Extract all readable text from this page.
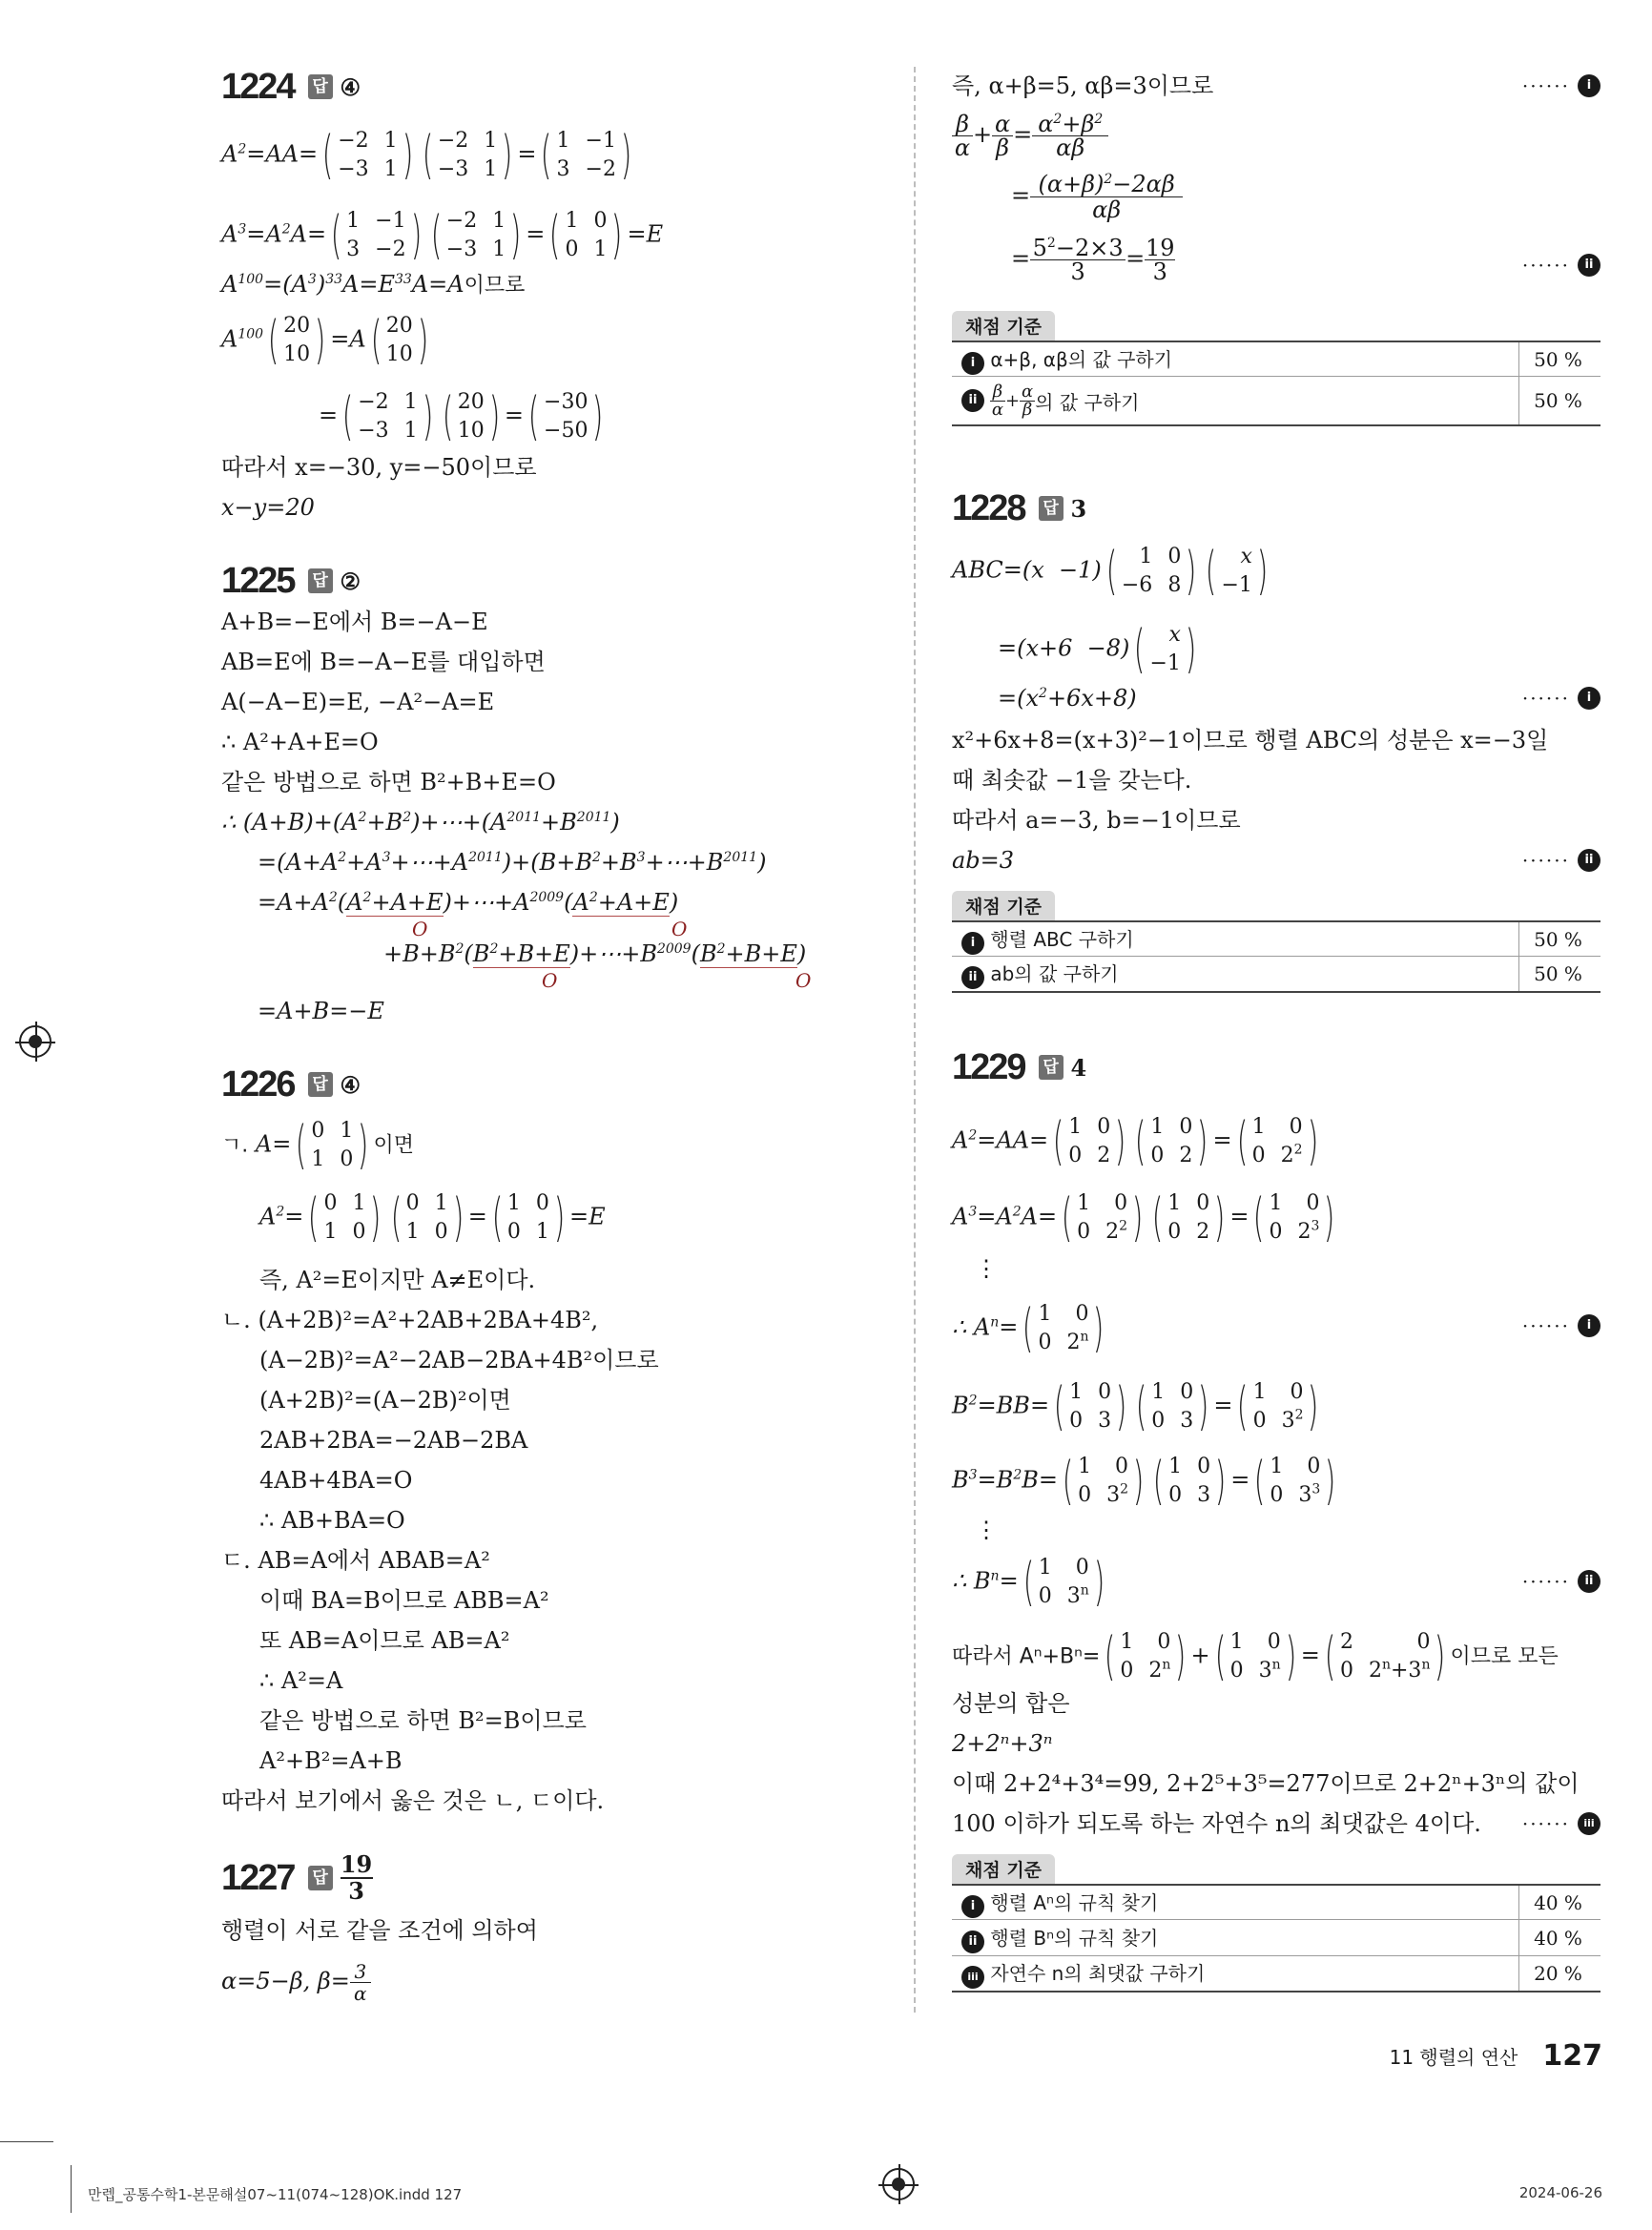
1224 답 ④
$A^2=AA=$ ( −2 1
−3 1 ) ( −2 1
−3 1 ) = ( 1 −1
3 −2 )
$A^3=A^2A=$ ( 1 −1
3 −2 ) ( −2 1
−3 1 ) = ( 1 0
0 1 ) =E
$A^{100}=(A^3)^{33}A=E^{33}A=A$이므로
$A^{100}$ ( 20
10 ) =A ( 20
10 )
= ( −2 1
−3 1 ) ( 20
10 ) = ( −30
−50 )
따라서 x=−30, y=−50이므로
x−y=20
1225 답 ②
A+B=−E에서 B=−A−E
AB=E에 B=−A−E를 대입하면
A(−A−E)=E, −A²−A=E
∴ A²+A+E=O
같은 방법으로 하면 B²+B+E=O
∴ $(A+B)+(A^2+B^2)+\cdots+(A^{2011}+B^{2011})$
$=(A+A^2+A^3+\cdots+A^{2011})+(B+B^2+B^3+\cdots+B^{2011})$
$=A+A^2(A^2+A+E)+\cdots+A^{2009}(A^2+A+E)$
O	O
$+B+B^2(B^2+B+E)+\cdots+B^{2009}(B^2+B+E)$
O	O
=A+B=−E
1226 답 ④
ㄱ. A= ( 0 1
1 0 ) 이면
$A^2=$ ( 0 1
1 0 ) ( 0 1
1 0 ) = ( 1 0
0 1 ) =E
즉, A²=E이지만 A≠E이다.
ㄴ. (A+2B)²=A²+2AB+2BA+4B²,
(A−2B)²=A²−2AB−2BA+4B²이므로
(A+2B)²=(A−2B)²이면
2AB+2BA=−2AB−2BA
4AB+4BA=O
∴ AB+BA=O
ㄷ. AB=A에서 ABAB=A²
이때 BA=B이므로 ABB=A²
또 AB=A이므로 AB=A²
∴ A²=A
같은 방법으로 하면 B²=B이므로
A²+B²=A+B
따라서 보기에서 옳은 것은 ㄴ, ㄷ이다.
1227 답 $\frac{19}{3}$
행렬이 서로 같을 조건에 의하여
α=5−β, $\beta= \frac{3}{\alpha}$
즉, α+β=5, αβ=3이므로	······	i
$\frac{\beta}{\alpha} + \frac{\alpha}{\beta} = \frac{\alpha^2+\beta^2}{\alpha\beta}$
= $\frac{(\alpha+\beta)^2-2\alpha\beta}{\alpha\beta}$
= $\frac{5^2-2\times 3}{3} = \frac{19}{3}$	······	ii
채점 기준
i α+β, αβ의 값 구하기	50 %
ii β
α + α
β 의 값 구하기	50 %
1228 답 3
ABC=(x  −1) (	1 0
−6 8 ) (	x
−1 )
=(x+6  −8) (	x
−1 )
$=(x^2+6x+8)$	······	i
x²+6x+8=(x+3)²−1이므로 행렬 ABC의 성분은 x=−3일
때 최솟값 −1을 갖는다.
따라서 a=−3, b=−1이므로
ab=3	······	ii
채점 기준
i 행렬 ABC 구하기	50 %
ii ab의 값 구하기	50 %
1229 답 4
$A^2=AA=$ ( 1 0
0 2 ) ( 1 0
0 2 ) = ( 1	0
0 $2^2$ )
$A^3=A^2A=$ ( 1	0
0 $2^2$ ) ( 1 0
0 2 ) = ( 1	0
0 $2^3$ )
⋮
∴ $A^n=$ ( 1	0
0 2$^n$ )	······	i
$B^2=BB=$ ( 1 0
0 3 ) ( 1 0
0 3 ) = ( 1	0
0 $3^2$ )
$B^3=B^2B=$ ( 1	0
0 $3^2$ ) ( 1 0
0 3 ) = ( 1	0
0 $3^3$ )
⋮
∴ $B^n=$ ( 1	0
0 3$^n$ )	······	ii
따라서 Aⁿ+Bⁿ= ( 1	0
0 2$^n$ ) + ( 1	0
0 3$^n$ ) = ( 2	0
0 $2^n+3^n$ ) 이므로 모든
성분의 합은
2+2ⁿ+3ⁿ
이때 2+2⁴+3⁴=99, 2+2⁵+3⁵=277이므로 2+2ⁿ+3ⁿ의 값이
100 이하가 되도록 하는 자연수 n의 최댓값은 4이다. ······	iii
채점 기준
i 행렬 Aⁿ의 규칙 찾기	40 %
ii 행렬 Bⁿ의 규칙 찾기	40 %
iii 자연수 n의 최댓값 구하기	20 %
11 행렬의 연산 127
만렙_공통수학1-본문해설07~11(074~128)OK.indd 127	2024-06-26
